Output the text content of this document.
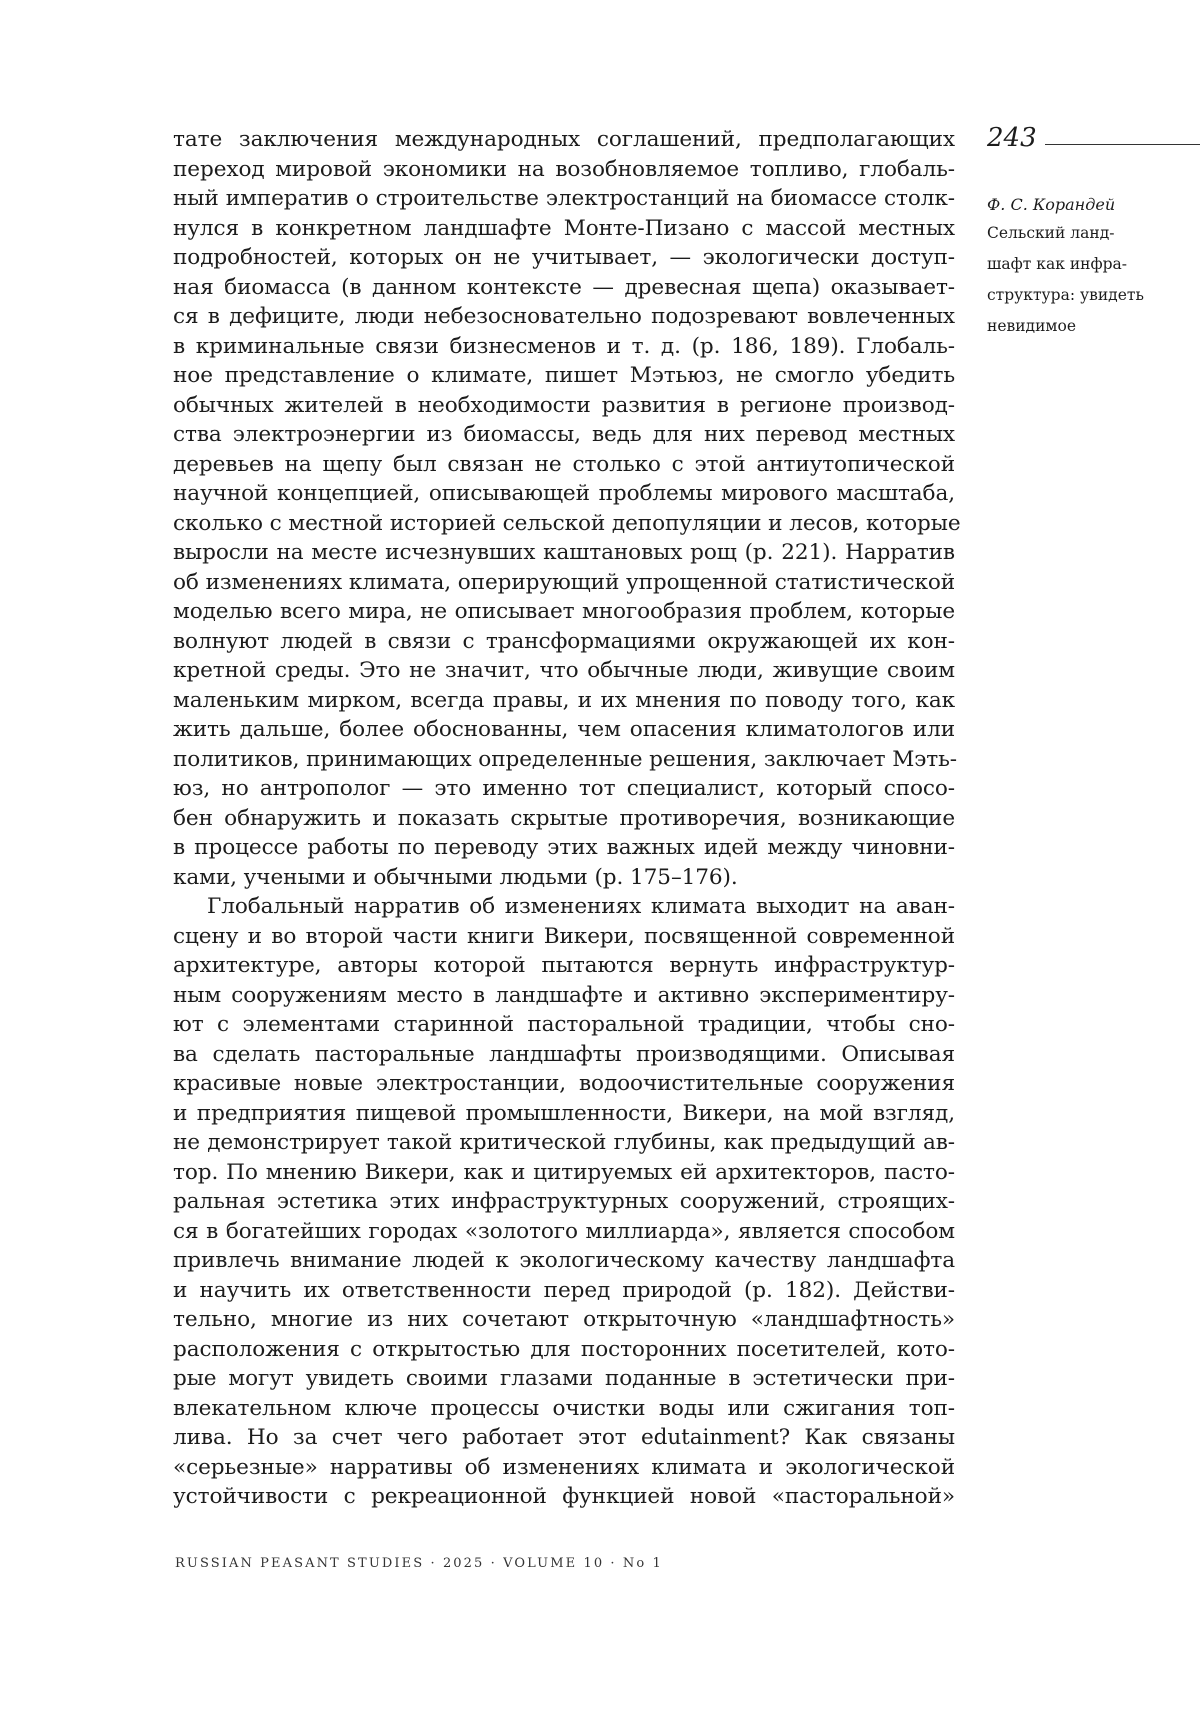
тате заключения международных соглашений, предполагающих
переход мировой экономики на возобновляемое топливо, глобаль-
ный императив о строительстве электростанций на биомассе столк-
нулся в конкретном ландшафте Монте-Пизано с массой местных
подробностей, которых он не учитывает, — экологически доступ-
ная биомасса (в данном контексте — древесная щепа) оказывает-
ся в дефиците, люди небезосновательно подозревают вовлеченных
в криминальные связи бизнесменов и т. д. (p. 186, 189). Глобаль-
ное представление о климате, пишет Мэтьюз, не смогло убедить
обычных жителей в необходимости развития в регионе производ-
ства электроэнергии из биомассы, ведь для них перевод местных
деревьев на щепу был связан не столько с этой антиутопической
научной концепцией, описывающей проблемы мирового масштаба,
сколько с местной историей сельской депопуляции и лесов, которые
выросли на месте исчезнувших каштановых рощ (p. 221). Нарратив
об изменениях климата, оперирующий упрощенной статистической
моделью всего мира, не описывает многообразия проблем, которые
волнуют людей в связи с трансформациями окружающей их кон-
кретной среды. Это не значит, что обычные люди, живущие своим
маленьким мирком, всегда правы, и их мнения по поводу того, как
жить дальше, более обоснованны, чем опасения климатологов или
политиков, принимающих определенные решения, заключает Мэть-
юз, но антрополог — это именно тот специалист, который спосо-
бен обнаружить и показать скрытые противоречия, возникающие
в процессе работы по переводу этих важных идей между чиновни-
ками, учеными и обычными людьми (p. 175–176).
Глобальный нарратив об изменениях климата выходит на аван-
сцену и во второй части книги Викери, посвященной современной
архитектуре, авторы которой пытаются вернуть инфраструктур-
ным сооружениям место в ландшафте и активно экспериментиру-
ют с элементами старинной пасторальной традиции, чтобы сно-
ва сделать пасторальные ландшафты производящими. Описывая
красивые новые электростанции, водоочистительные сооружения
и предприятия пищевой промышленности, Викери, на мой взгляд,
не демонстрирует такой критической глубины, как предыдущий ав-
тор. По мнению Викери, как и цитируемых ей архитекторов, пасто-
ральная эстетика этих инфраструктурных сооружений, строящих-
ся в богатейших городах «золотого миллиарда», является способом
привлечь внимание людей к экологическому качеству ландшафта
и научить их ответственности перед природой (p. 182). Действи-
тельно, многие из них сочетают открыточную «ландшафтность»
расположения с открытостью для посторонних посетителей, кото-
рые могут увидеть своими глазами поданные в эстетически при-
влекательном ключе процессы очистки воды или сжигания топ-
лива. Но за счет чего работает этот edutainment? Как связаны
«серьезные» нарративы об изменениях климата и экологической
устойчивости с рекреационной функцией новой «пасторальной»
243
Ф. С. Корандей
Сельский ланд-
шафт как инфра-
структура: увидеть
невидимое
RUSSIAN PEASANT STUDIES · 2025 · VOLUME 10 · No 1
